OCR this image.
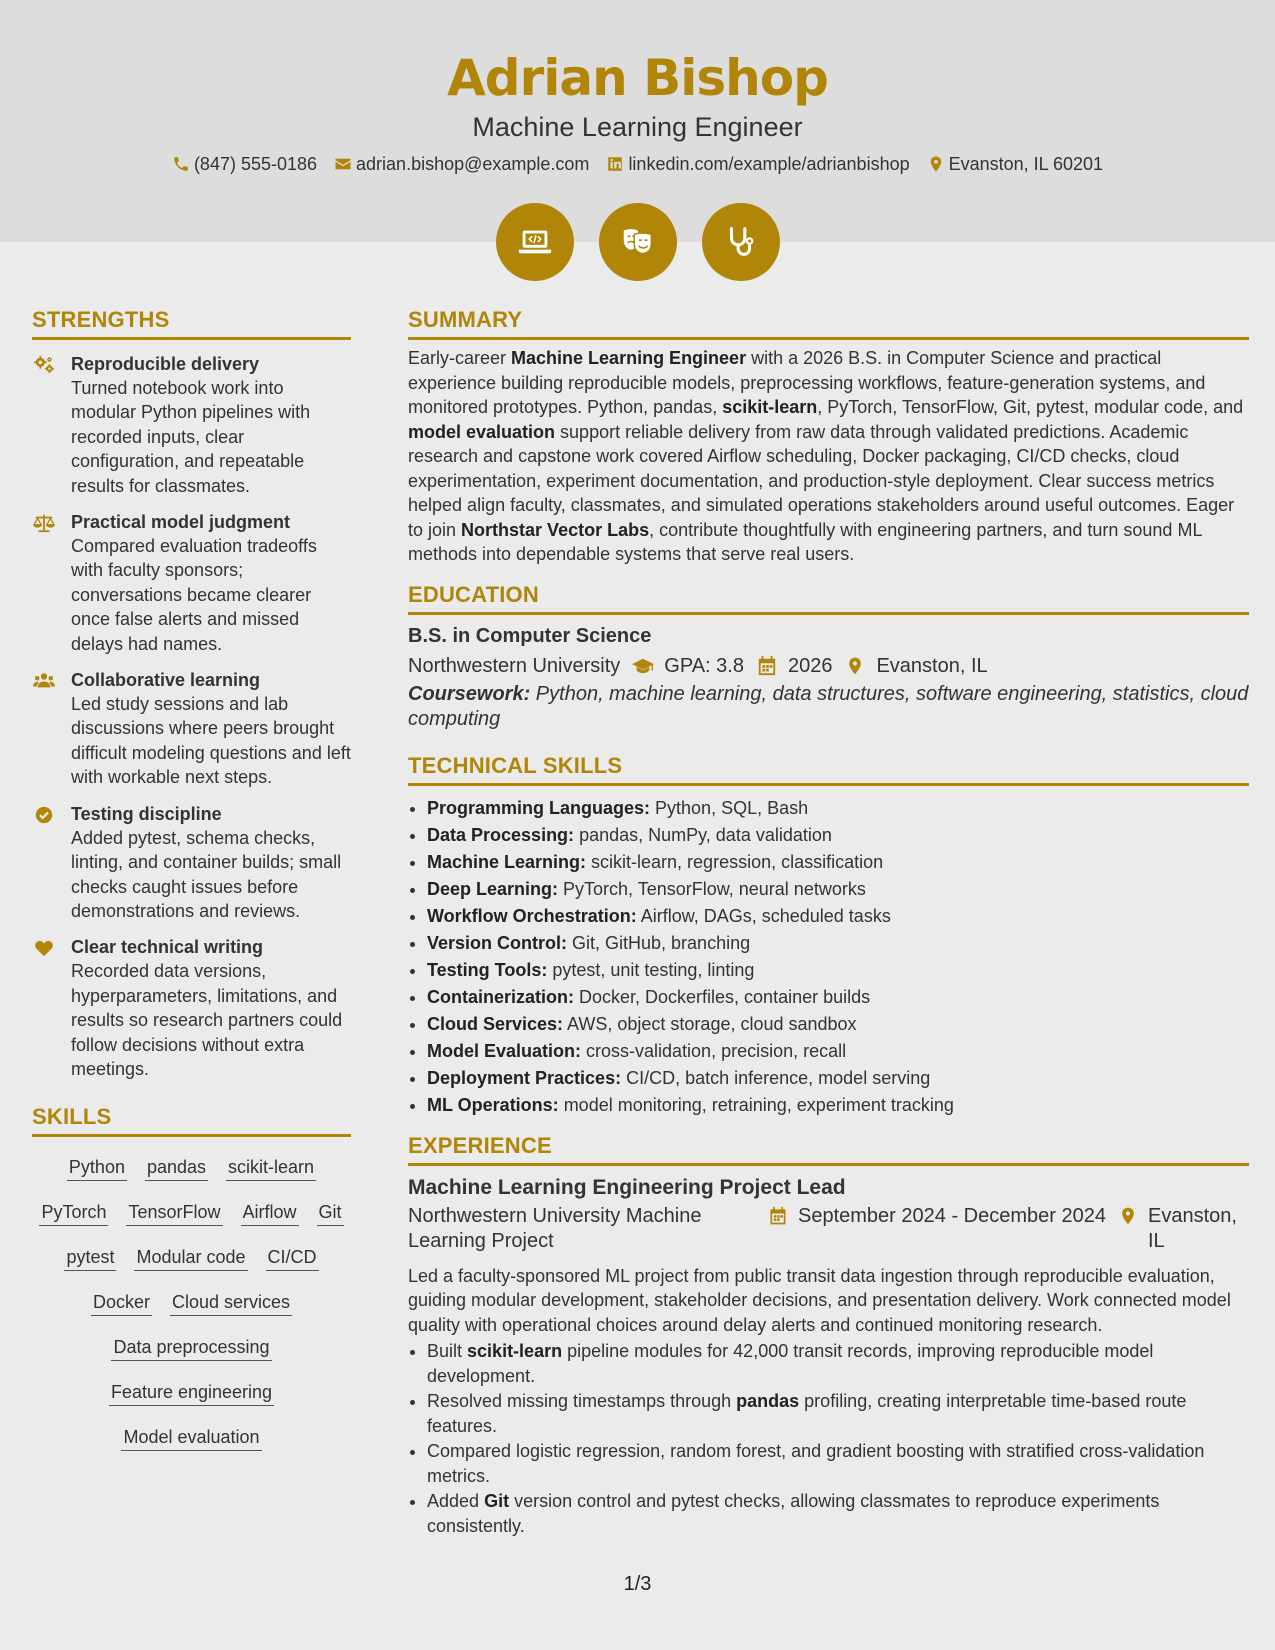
Adrian Bishop
Machine Learning Engineer
(847) 555-0186 adrian.bishop@example.com linkedin.com/example/adrianbishop Evanston, IL 60201
STRENGTHS
Reproducible delivery
Turned notebook work into modular Python pipelines with recorded inputs, clear configuration, and repeatable results for classmates.
Practical model judgment
Compared evaluation tradeoffs with faculty sponsors; conversations became clearer once false alerts and missed delays had names.
Collaborative learning
Led study sessions and lab discussions where peers brought difficult modeling questions and left with workable next steps.
Testing discipline
Added pytest, schema checks, linting, and container builds; small checks caught issues before demonstrations and reviews.
Clear technical writing
Recorded data versions, hyperparameters, limitations, and results so research partners could follow decisions without extra meetings.
SKILLS
Python pandas scikit-learn
PyTorch TensorFlow Airflow Git
pytest Modular code CI/CD
Docker Cloud services
Data preprocessing
Feature engineering
Model evaluation
SUMMARY

Early-career Machine Learning Engineer with a 2026 B.S. in Computer Science and practical experience building reproducible models, preprocessing workflows, feature-generation systems, and monitored prototypes. Python, pandas, scikit-learn, PyTorch, TensorFlow, Git, pytest, modular code, and model evaluation support reliable delivery from raw data through validated predictions. Academic research and capstone work covered Airflow scheduling, Docker packaging, CI/CD checks, cloud experimentation, experiment documentation, and production-style deployment. Clear success metrics helped align faculty, classmates, and simulated operations stakeholders around useful outcomes. Eager to join Northstar Vector Labs, contribute thoughtfully with engineering partners, and turn sound ML methods into dependable systems that serve real users.

EDUCATION
B.S. in Computer Science
Northwestern University GPA: 3.8 2026 Evanston, IL
Coursework: Python, machine learning, data structures, software engineering, statistics, cloud computing
TECHNICAL SKILLS
• Programming Languages: Python, SQL, Bash
• Data Processing: pandas, NumPy, data validation
• Machine Learning: scikit-learn, regression, classification
• Deep Learning: PyTorch, TensorFlow, neural networks
• Workflow Orchestration: Airflow, DAGs, scheduled tasks
• Version Control: Git, GitHub, branching
• Testing Tools: pytest, unit testing, linting
• Containerization: Docker, Dockerfiles, container builds
• Cloud Services: AWS, object storage, cloud sandbox
• Model Evaluation: cross-validation, precision, recall
• Deployment Practices: CI/CD, batch inference, model serving
• ML Operations: model monitoring, retraining, experiment tracking
EXPERIENCE
Machine Learning Engineering Project Lead
Northwestern University Machine Learning Project
September 2024 - December 2024 Evanston, IL

Led a faculty-sponsored ML project from public transit data ingestion through reproducible evaluation, guiding modular development, stakeholder decisions, and presentation delivery. Work connected model quality with operational choices around delay alerts and continued monitoring research.

• Built scikit-learn pipeline modules for 42,000 transit records, improving reproducible model development.
• Resolved missing timestamps through pandas profiling, creating interpretable time-based route features.
• Compared logistic regression, random forest, and gradient boosting with stratified cross-validation metrics.
• Added Git version control and pytest checks, allowing classmates to reproduce experiments consistently.
1/3
